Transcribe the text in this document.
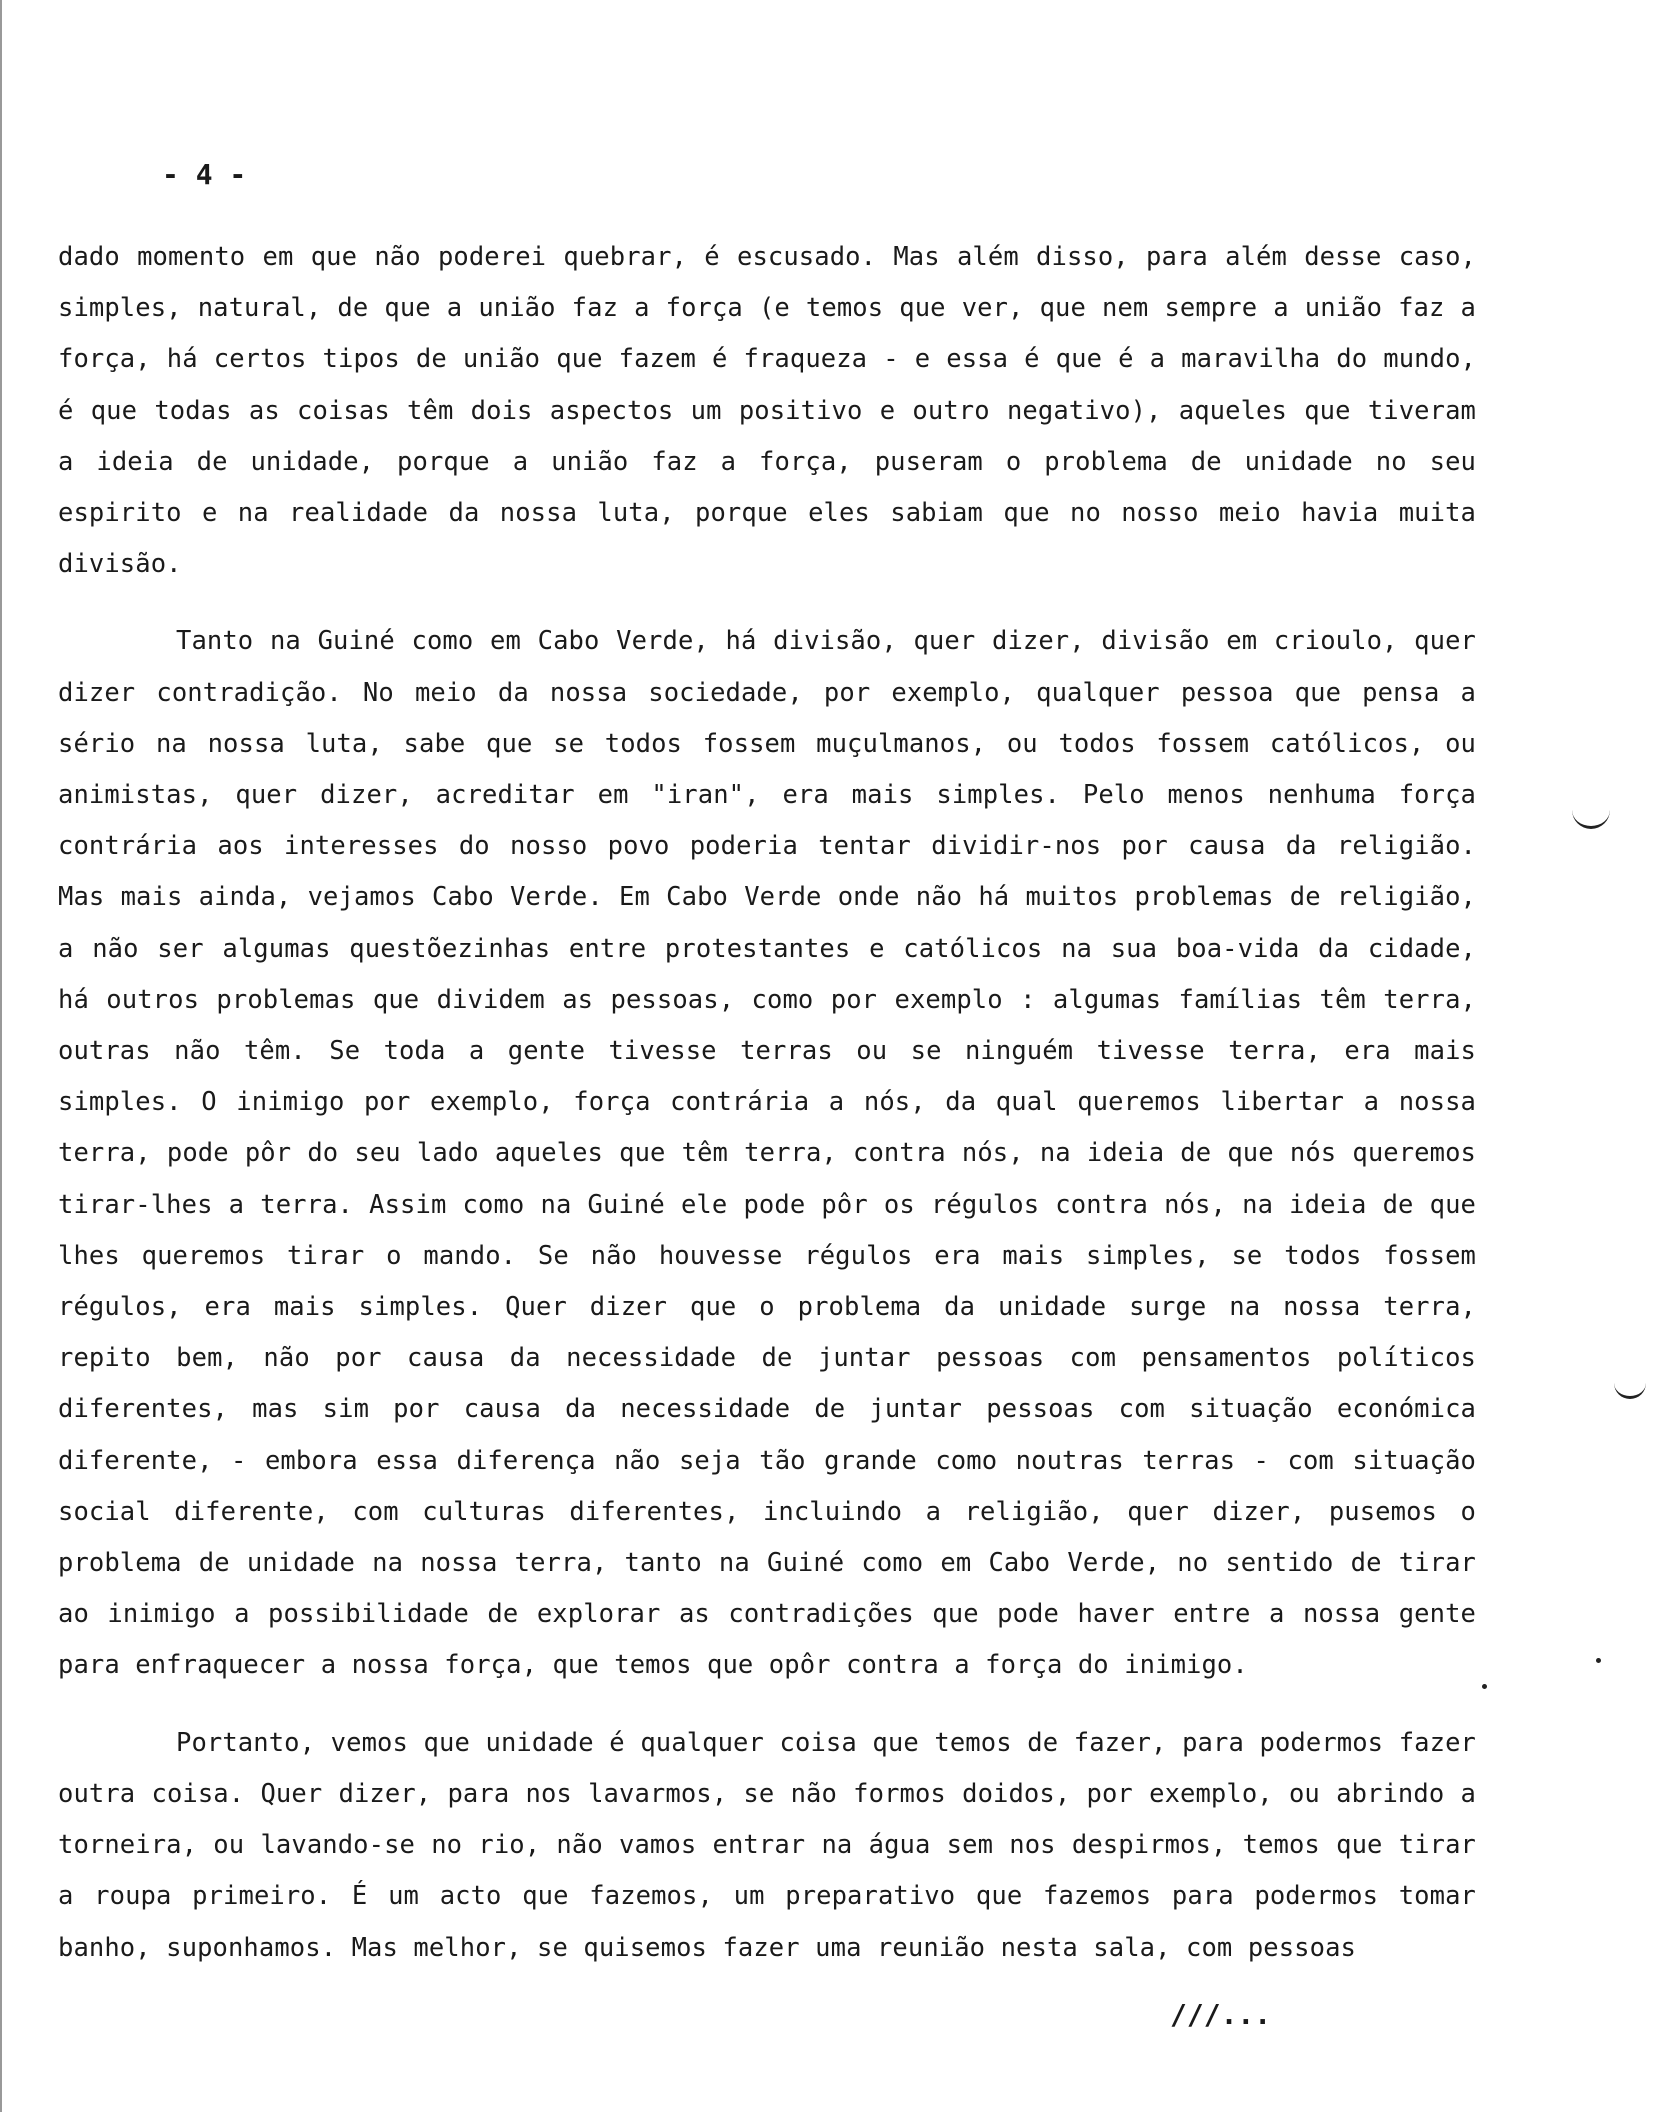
- 4 -

dado momento em que não poderei quebrar, é escusado. Mas além disso, para além desse caso, simples, natural, de que a união faz a força (e temos que ver, que nem sempre a união faz a força, há certos tipos de união que fazem é fraqueza - e essa é que é a maravilha do mundo, é que todas as coisas têm dois aspectos um positivo e outro negativo), aqueles que tiveram a ideia de unidade, porque a união faz a força, puseram o problema de unidade no seu espirito e na realidade da nossa luta, porque eles sabiam que no nosso meio havia muita divisão.

Tanto na Guiné como em Cabo Verde, há divisão, quer dizer, divisão em crioulo, quer dizer contradição. No meio da nossa sociedade, por exemplo, qualquer pessoa que pensa a sério na nossa luta, sabe que se todos fossem muçulmanos, ou todos fossem católicos, ou animistas, quer dizer, acreditar em "iran", era mais simples. Pelo menos nenhuma força contrária aos interesses do nosso povo poderia tentar dividir-nos por causa da religião. Mas mais ainda, vejamos Cabo Verde. Em Cabo Verde onde não há muitos problemas de religião, a não ser algumas questõezinhas entre protestantes e católicos na sua boa-vida da cidade, há outros problemas que dividem as pessoas, como por exemplo : algumas famílias têm terra, outras não têm. Se toda a gente tivesse terras ou se ninguém tivesse terra, era mais simples. O inimigo por exemplo, força contrária a nós, da qual queremos libertar a nossa terra, pode pôr do seu lado aqueles que têm terra, contra nós, na ideia de que nós queremos tirar-lhes a terra. Assim como na Guiné ele pode pôr os régulos contra nós, na ideia de que lhes queremos tirar o mando. Se não houvesse régulos era mais simples, se todos fossem régulos, era mais simples. Quer dizer que o problema da unidade surge na nossa terra, repito bem, não por causa da necessidade de juntar pessoas com pensamentos políticos diferentes, mas sim por causa da necessidade de juntar pessoas com situação económica diferente, - embora essa diferença não seja tão grande como noutras terras - com situação social diferente, com culturas diferentes, incluindo a religião, quer dizer, pusemos o problema de unidade na nossa terra, tanto na Guiné como em Cabo Verde, no sentido de tirar ao inimigo a possibilidade de explorar as contradições que pode haver entre a nossa gente para enfraquecer a nossa força, que temos que opôr contra a força do inimigo.

Portanto, vemos que unidade é qualquer coisa que temos de fazer, para podermos fazer outra coisa. Quer dizer, para nos lavarmos, se não formos doidos, por exemplo, ou abrindo a torneira, ou lavando-se no rio, não vamos entrar na água sem nos despirmos, temos que tirar a roupa primeiro. É um acto que fazemos, um preparativo que fazemos para podermos tomar banho, suponhamos. Mas melhor, se quisemos fazer uma reunião nesta sala, com pessoas

///...
